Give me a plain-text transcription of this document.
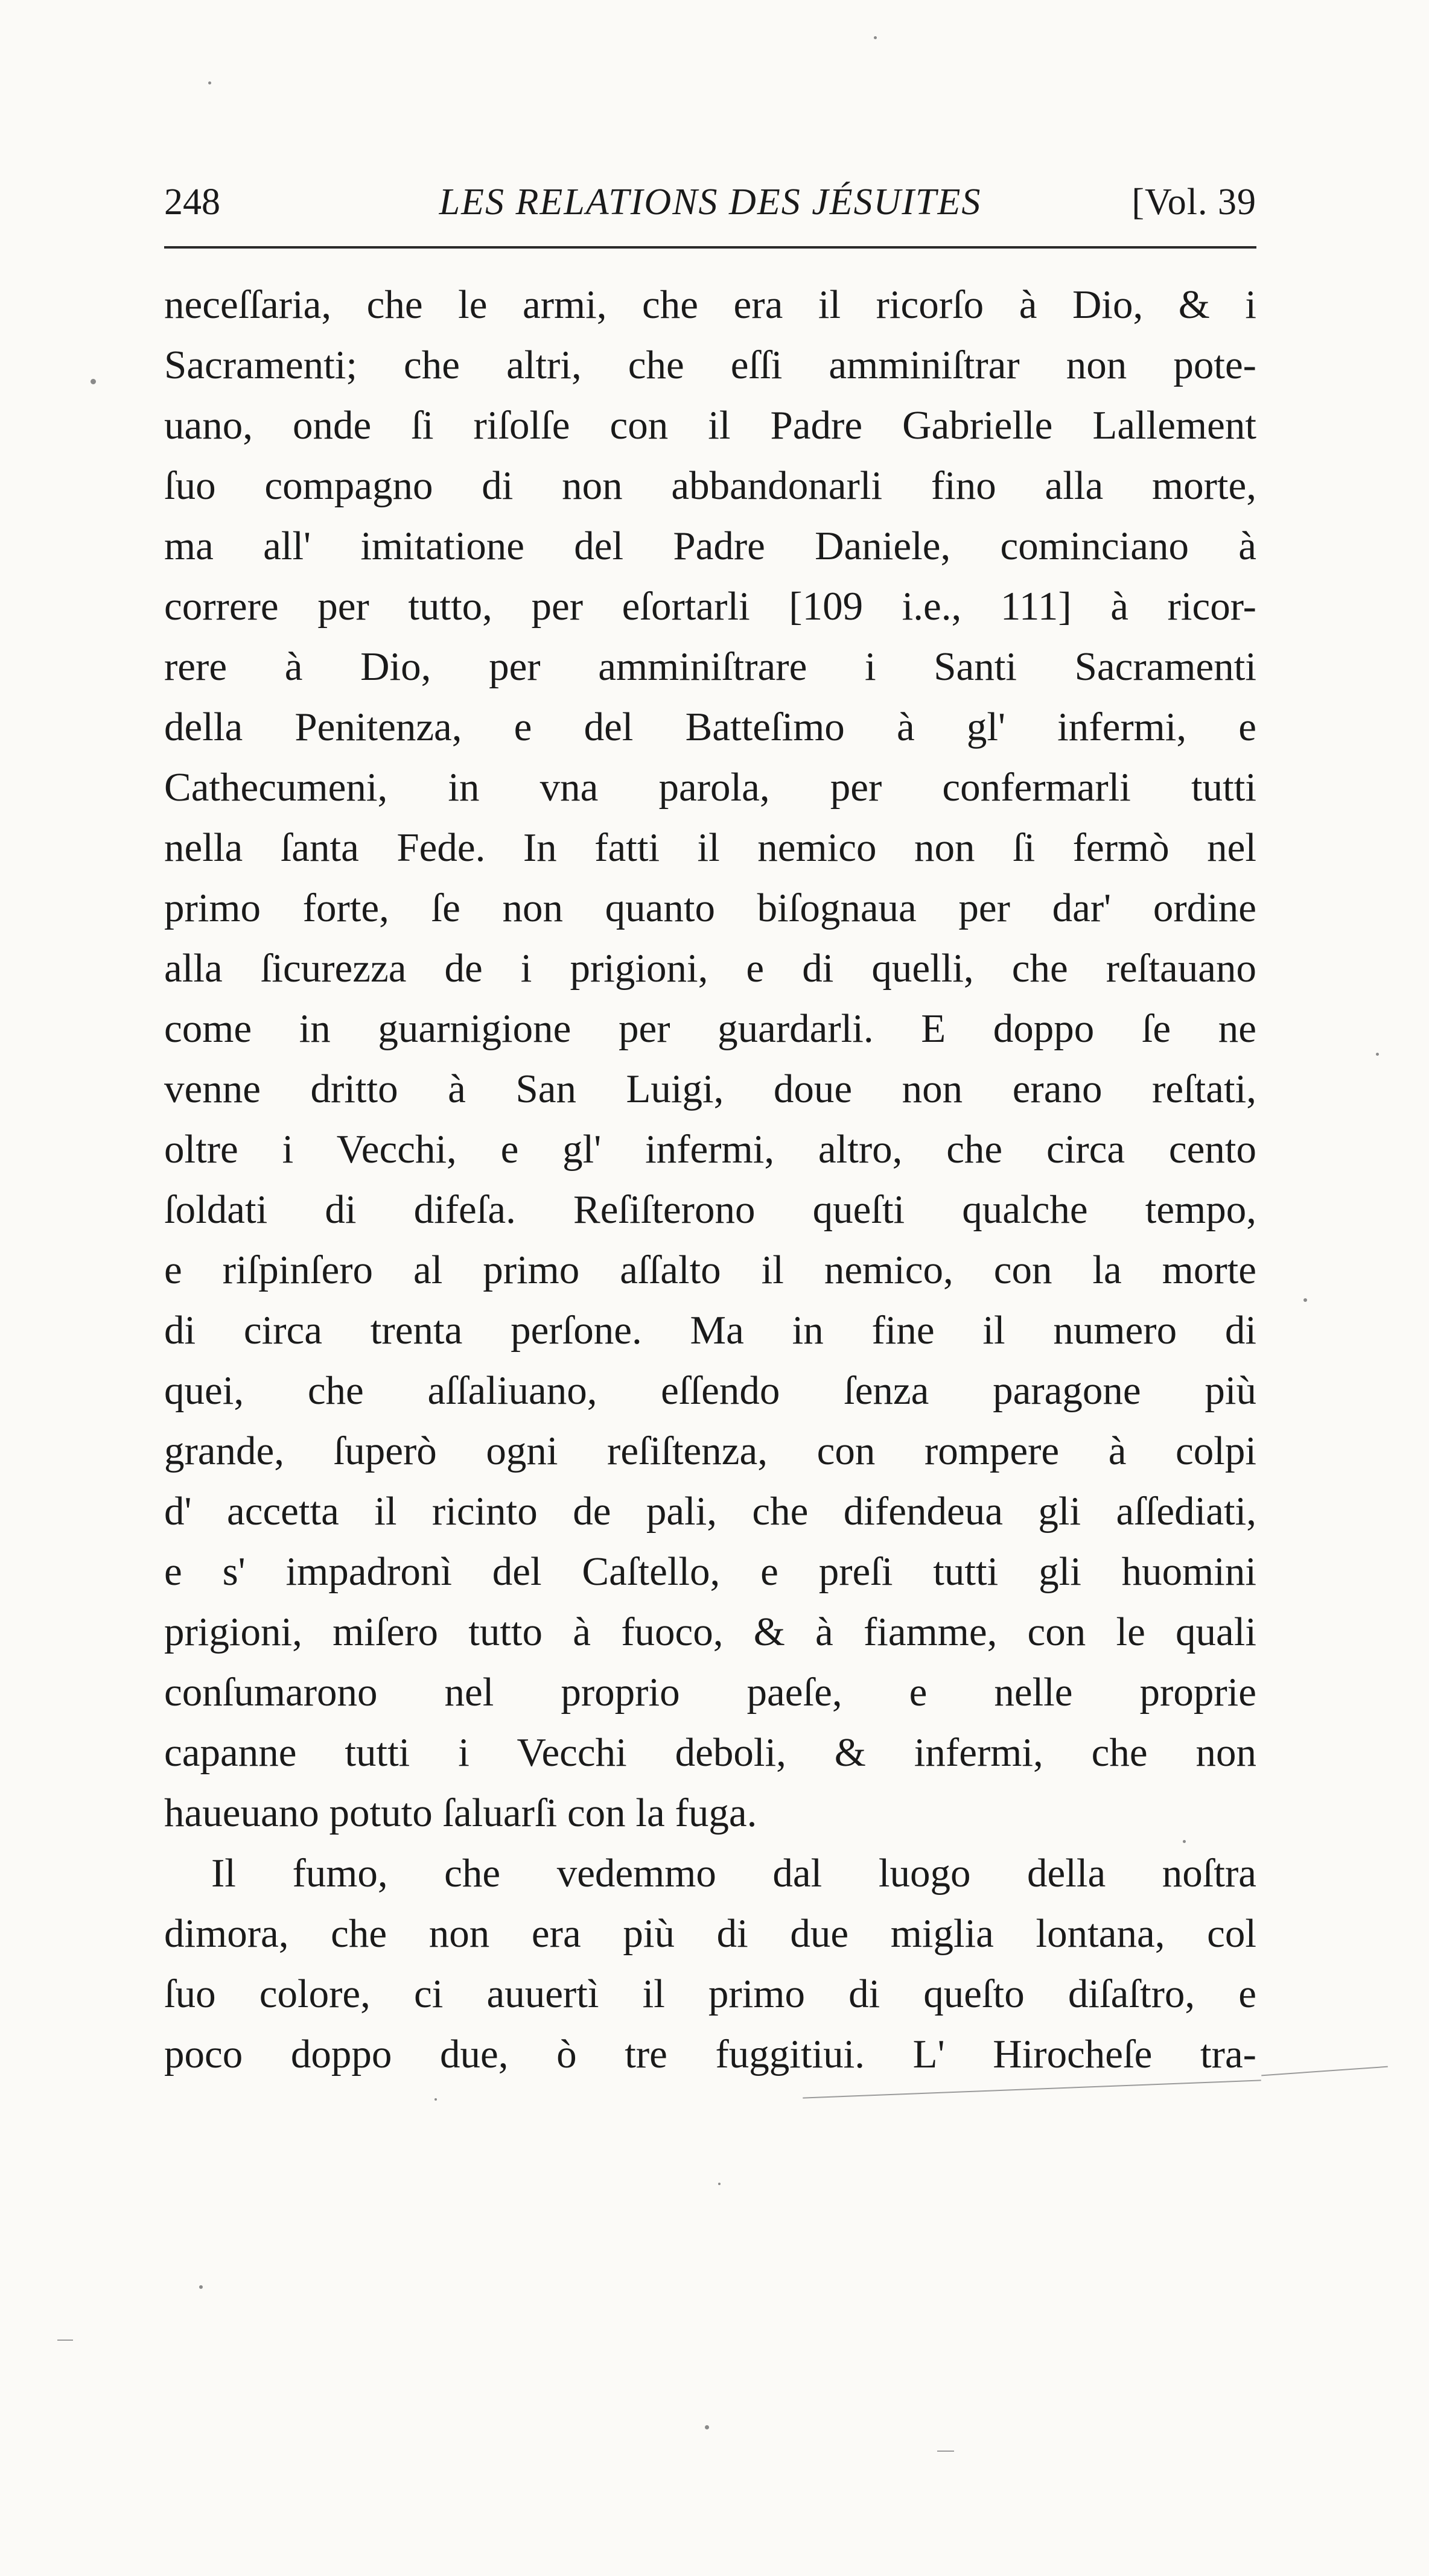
248	LES RELATIONS DES JÉSUITES	[Vol. 39
neceſſaria, che le armi, che era il ricorſo à Dio, & i
Sacramenti; che altri, che eſſi amminiſtrar non pote-
uano, onde ſi riſolſe con il Padre Gabrielle Lallement
ſuo compagno di non abbandonarli fino alla morte,
ma all' imitatione del Padre Daniele, cominciano à
correre per tutto, per eſortarli [109 i.e., 111] à ricor-
rere à Dio, per amminiſtrare i Santi Sacramenti
della Penitenza, e del Batteſimo à gl' infermi, e
Cathecumeni, in vna parola, per confermarli tutti
nella ſanta Fede. In fatti il nemico non ſi fermò nel
primo forte, ſe non quanto biſognaua per dar' ordine
alla ſicurezza de i prigioni, e di quelli, che reſtauano
come in guarnigione per guardarli. E doppo ſe ne
venne dritto à San Luigi, doue non erano reſtati,
oltre i Vecchi, e gl' infermi, altro, che circa cento
ſoldati di difeſa. Reſiſterono queſti qualche tempo,
e riſpinſero al primo aſſalto il nemico, con la morte
di circa trenta perſone. Ma in fine il numero di
quei, che aſſaliuano, eſſendo ſenza paragone più
grande, ſuperò ogni reſiſtenza, con rompere à colpi
d' accetta il ricinto de pali, che difendeua gli aſſediati,
e s' impadronì del Caſtello, e preſi tutti gli huomini
prigioni, miſero tutto à fuoco, & à fiamme, con le quali
conſumarono nel proprio paeſe, e nelle proprie
capanne tutti i Vecchi deboli, & infermi, che non
haueuano potuto ſaluarſi con la fuga.
Il fumo, che vedemmo dal luogo della noſtra
dimora, che non era più di due miglia lontana, col
ſuo colore, ci auuertì il primo di queſto diſaſtro, e
poco doppo due, ò tre fuggitiui. L' Hirocheſe tra-
